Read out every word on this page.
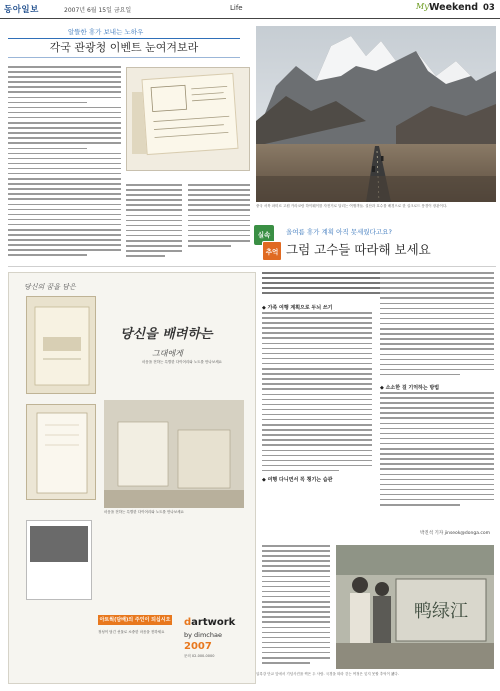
동아일보	2007년 6월 15일 금요일	Life	My Weekend 03
알뜰한 휴가 보내는 노하우
각국 관광청 이벤트 눈여겨보라
중국 서북 파미르 고원 카라코람 하이웨이를 자전거로 달리는 여행객들. 설산과 호수를 배경으로 한 실크로드 풍경이 장관이다.
실속
추억
올여름 휴가 계획 아직 못세웠다고요?
그럼 고수들 따라해 보세요
당신의 꿈을 담은
당신을 배려하는
그대에게
마음을 전하는 특별한 다이어리와 노트를 만나보세요
마음을 전하는 특별한 다이어리와 노트를 만나보세요
아트웍(담배)의 주인이 되십시오
정성이 담긴 선물로 소중한 마음을 전하세요
dartwork
by dimchae
2007
문의 02-000-0000
◆ 가족 여행 계획으로 두뇌 쓰기
◆ 여행 다니면서 꼭 챙기는 습관
◆ 소소한 걸 기억하는 방법
박진석 기자 jinseok@donga.com
鸭绿江
압록강 단교 앞에서 기념사진을 찍은 두 사람. 국경을 따라 걷는 여정은 잊지 못할 추억이 됐다.
